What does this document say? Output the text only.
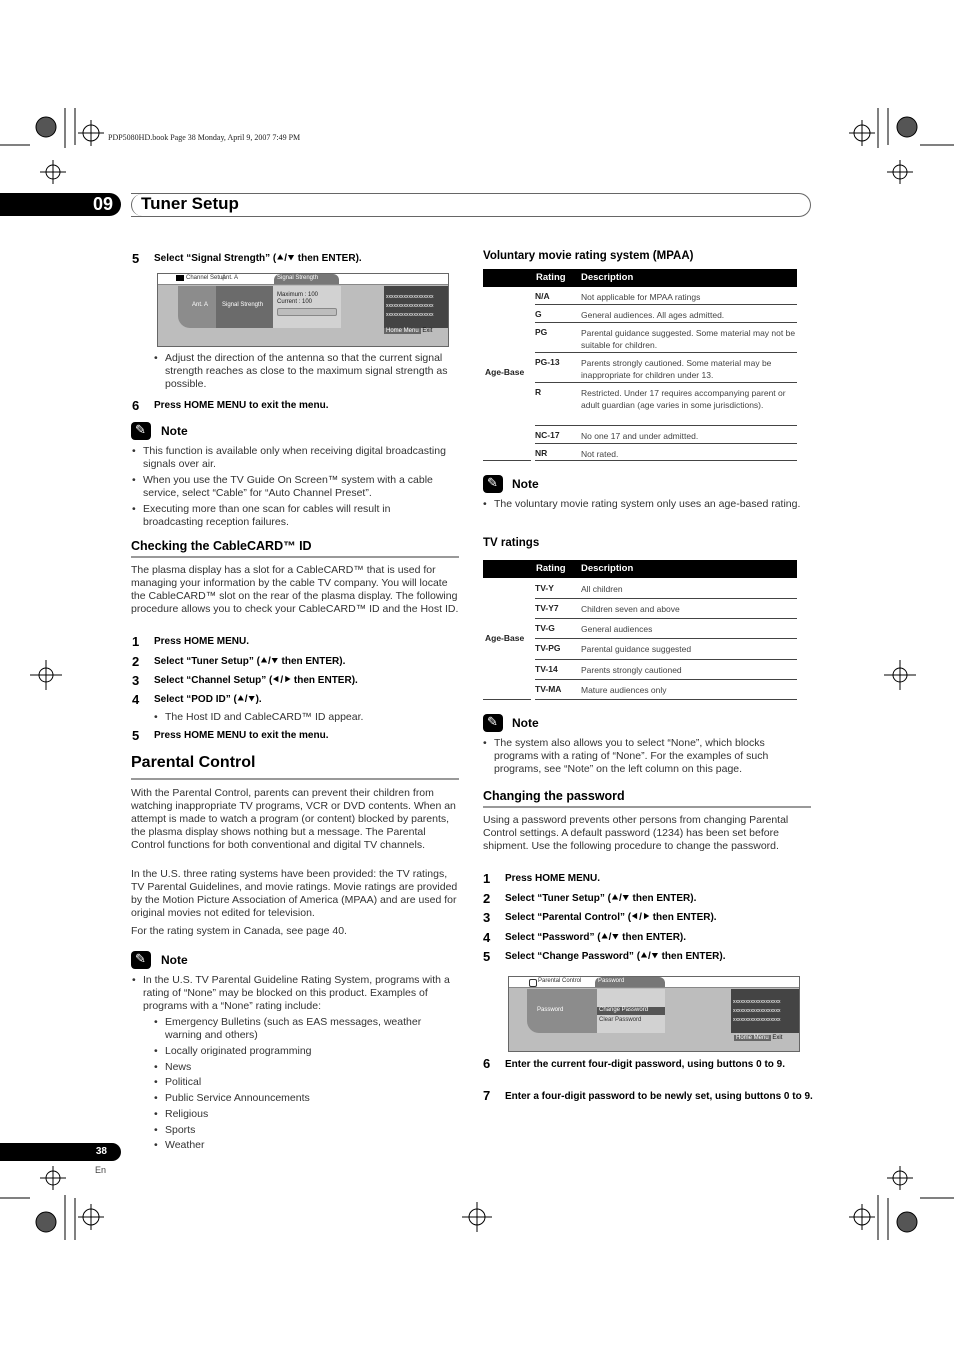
PDP5080HD.book Page 38 Monday, April 9, 2007 7:49 PM
09 Tuner Setup
5 Select “Signal Strength” (⯅/⯆ then ENTER).
Channel Setup
Ant. A	Signal Strength
Ant. A Signal Strength
Maximum : 100
Current : 100
xxxxxxxxxxxxxxxxxxx
xxxxxxxxxxxxxxxxxxx
xxxxxxxxxxxxxxxxxxx
Home Menu Exit
• Adjust the direction of the antenna so that the current signal strength reaches as close to the maximum signal strength as possible.
6 Press HOME MENU to exit the menu.
✎
Note
• This function is available only when receiving digital broadcasting signals over air.
• When you use the TV Guide On Screen™ system with a cable service, select “Cable” for “Auto Channel Preset”.
• Executing more than one scan for cables will result in broadcasting reception failures.
Checking the CableCARD™ ID
The plasma display has a slot for a CableCARD™ that is used for managing your information by the cable TV company. You will locate the CableCARD™ slot on the rear of the plasma display. The following procedure allows you to check your CableCARD™ ID and the Host ID.
1 Press HOME MENU.
2 Select “Tuner Setup” (⯅/⯆ then ENTER).
3 Select “Channel Setup” (⯇/⯈ then ENTER).
4 Select “POD ID” (⯅/⯆).
• The Host ID and CableCARD™ ID appear.
5 Press HOME MENU to exit the menu.
Parental Control
With the Parental Control, parents can prevent their children from watching inappropriate TV programs, VCR or DVD contents. When an attempt is made to watch a program (or content) blocked by parents, the plasma display shows nothing but a message. The Parental Control functions for both conventional and digital TV channels.
In the U.S. three rating systems have been provided: the TV ratings, TV Parental Guidelines, and movie ratings. Movie ratings are provided by the Motion Picture Association of America (MPAA) and are used for original movies not edited for television.
For the rating system in Canada, see page 40.
✎
Note
• In the U.S. TV Parental Guideline Rating System, programs with a rating of “None” may be blocked on this product. Examples of programs with a “None” rating include:
• Emergency Bulletins (such as EAS messages, weather warning and others)
• Locally originated programming
• News
• Political
• Public Service Announcements
• Religious
• Sports
• Weather
Voluntary movie rating system (MPAA)
Rating Description
Age-Base
N/A	Not applicable for MPAA ratings
G	General audiences. All ages admitted.
PG	Parental guidance suggested. Some material may not be suitable for children.
PG-13	Parents strongly cautioned. Some material may be inappropriate for children under 13.
R	Restricted. Under 17 requires accompanying parent or adult guardian (age varies in some jurisdictions).
NC-17	No one 17 and under admitted.
NR	Not rated.
✎
Note
• The voluntary movie rating system only uses an age-based rating.
TV ratings
Rating Description
Age-Base
TV-Y	All children
TV-Y7	Children seven and above
TV-G	General audiences
TV-PG Parental guidance suggested
TV-14	Parents strongly cautioned
TV-MA Mature audiences only
✎
Note
• The system also allows you to select “None”, which blocks programs with a rating of “None”. For the examples of such programs, see “Note” on the left column on this page.
Changing the password
Using a password prevents other persons from changing Parental Control settings. A default password (1234) has been set before shipment. Use the following procedure to change the password.
1 Press HOME MENU.
2 Select “Tuner Setup” (⯅/⯆ then ENTER).
3 Select “Parental Control” (⯇/⯈ then ENTER).
4 Select “Password” (⯅/⯆ then ENTER).
5 Select “Change Password” (⯅/⯆ then ENTER).
Parental Control	Password
Password	Change Password
Clear Password
xxxxxxxxxxxxxxxxxxx
xxxxxxxxxxxxxxxxxxx
xxxxxxxxxxxxxxxxxxx
Home Menu Exit
6 Enter the current four-digit password, using buttons 0 to 9.
7 Enter a four-digit password to be newly set, using buttons 0 to 9.
38
En
